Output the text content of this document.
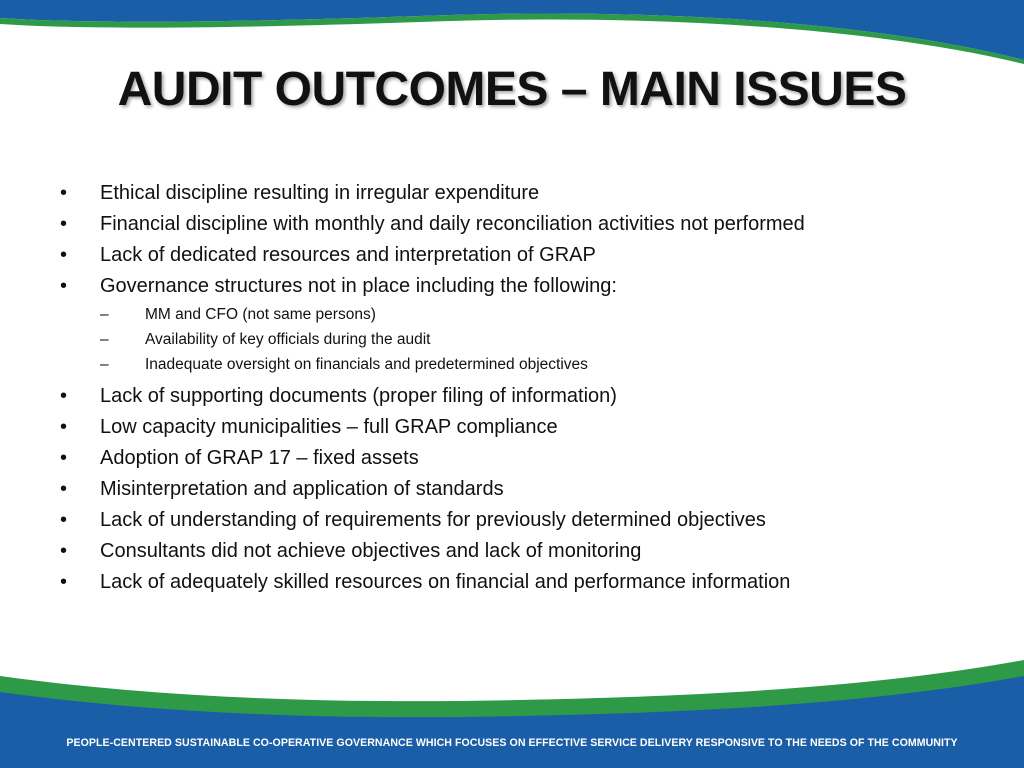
AUDIT OUTCOMES – MAIN ISSUES
• Ethical discipline resulting in irregular expenditure
• Financial discipline with monthly and daily reconciliation activities not performed
• Lack of dedicated resources and interpretation of GRAP
• Governance structures not in place including the following:
– MM and CFO (not same persons)
– Availability of key officials during the audit
– Inadequate oversight on financials and predetermined objectives
• Lack of supporting documents (proper filing of information)
• Low capacity municipalities – full GRAP compliance
• Adoption of GRAP 17 – fixed assets
• Misinterpretation and application of standards
• Lack of understanding of requirements for previously determined objectives
• Consultants did not achieve objectives and lack of monitoring
• Lack of adequately skilled resources on financial and performance information
PEOPLE-CENTERED SUSTAINABLE CO-OPERATIVE GOVERNANCE WHICH FOCUSES ON EFFECTIVE SERVICE DELIVERY RESPONSIVE TO THE NEEDS OF THE COMMUNITY
